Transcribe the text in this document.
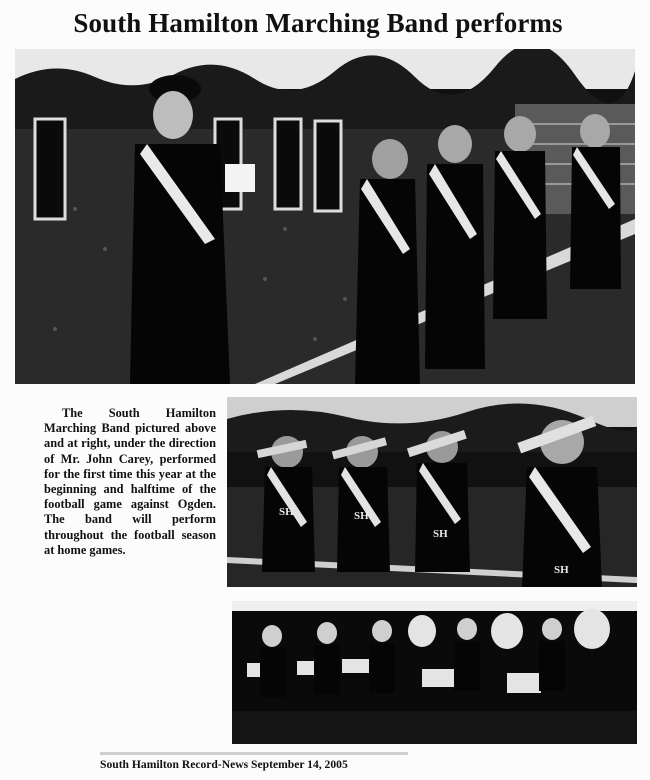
South Hamilton Marching Band performs

The South Hamilton Marching Band pictured above and at right, under the direction of Mr. John Carey, performed for the first time this year at the beginning and halftime of the football game against Ogden. The band will perform throughout the football season at home games.

SH	SH
SH
SH

South Hamilton Record-News September 14, 2005
